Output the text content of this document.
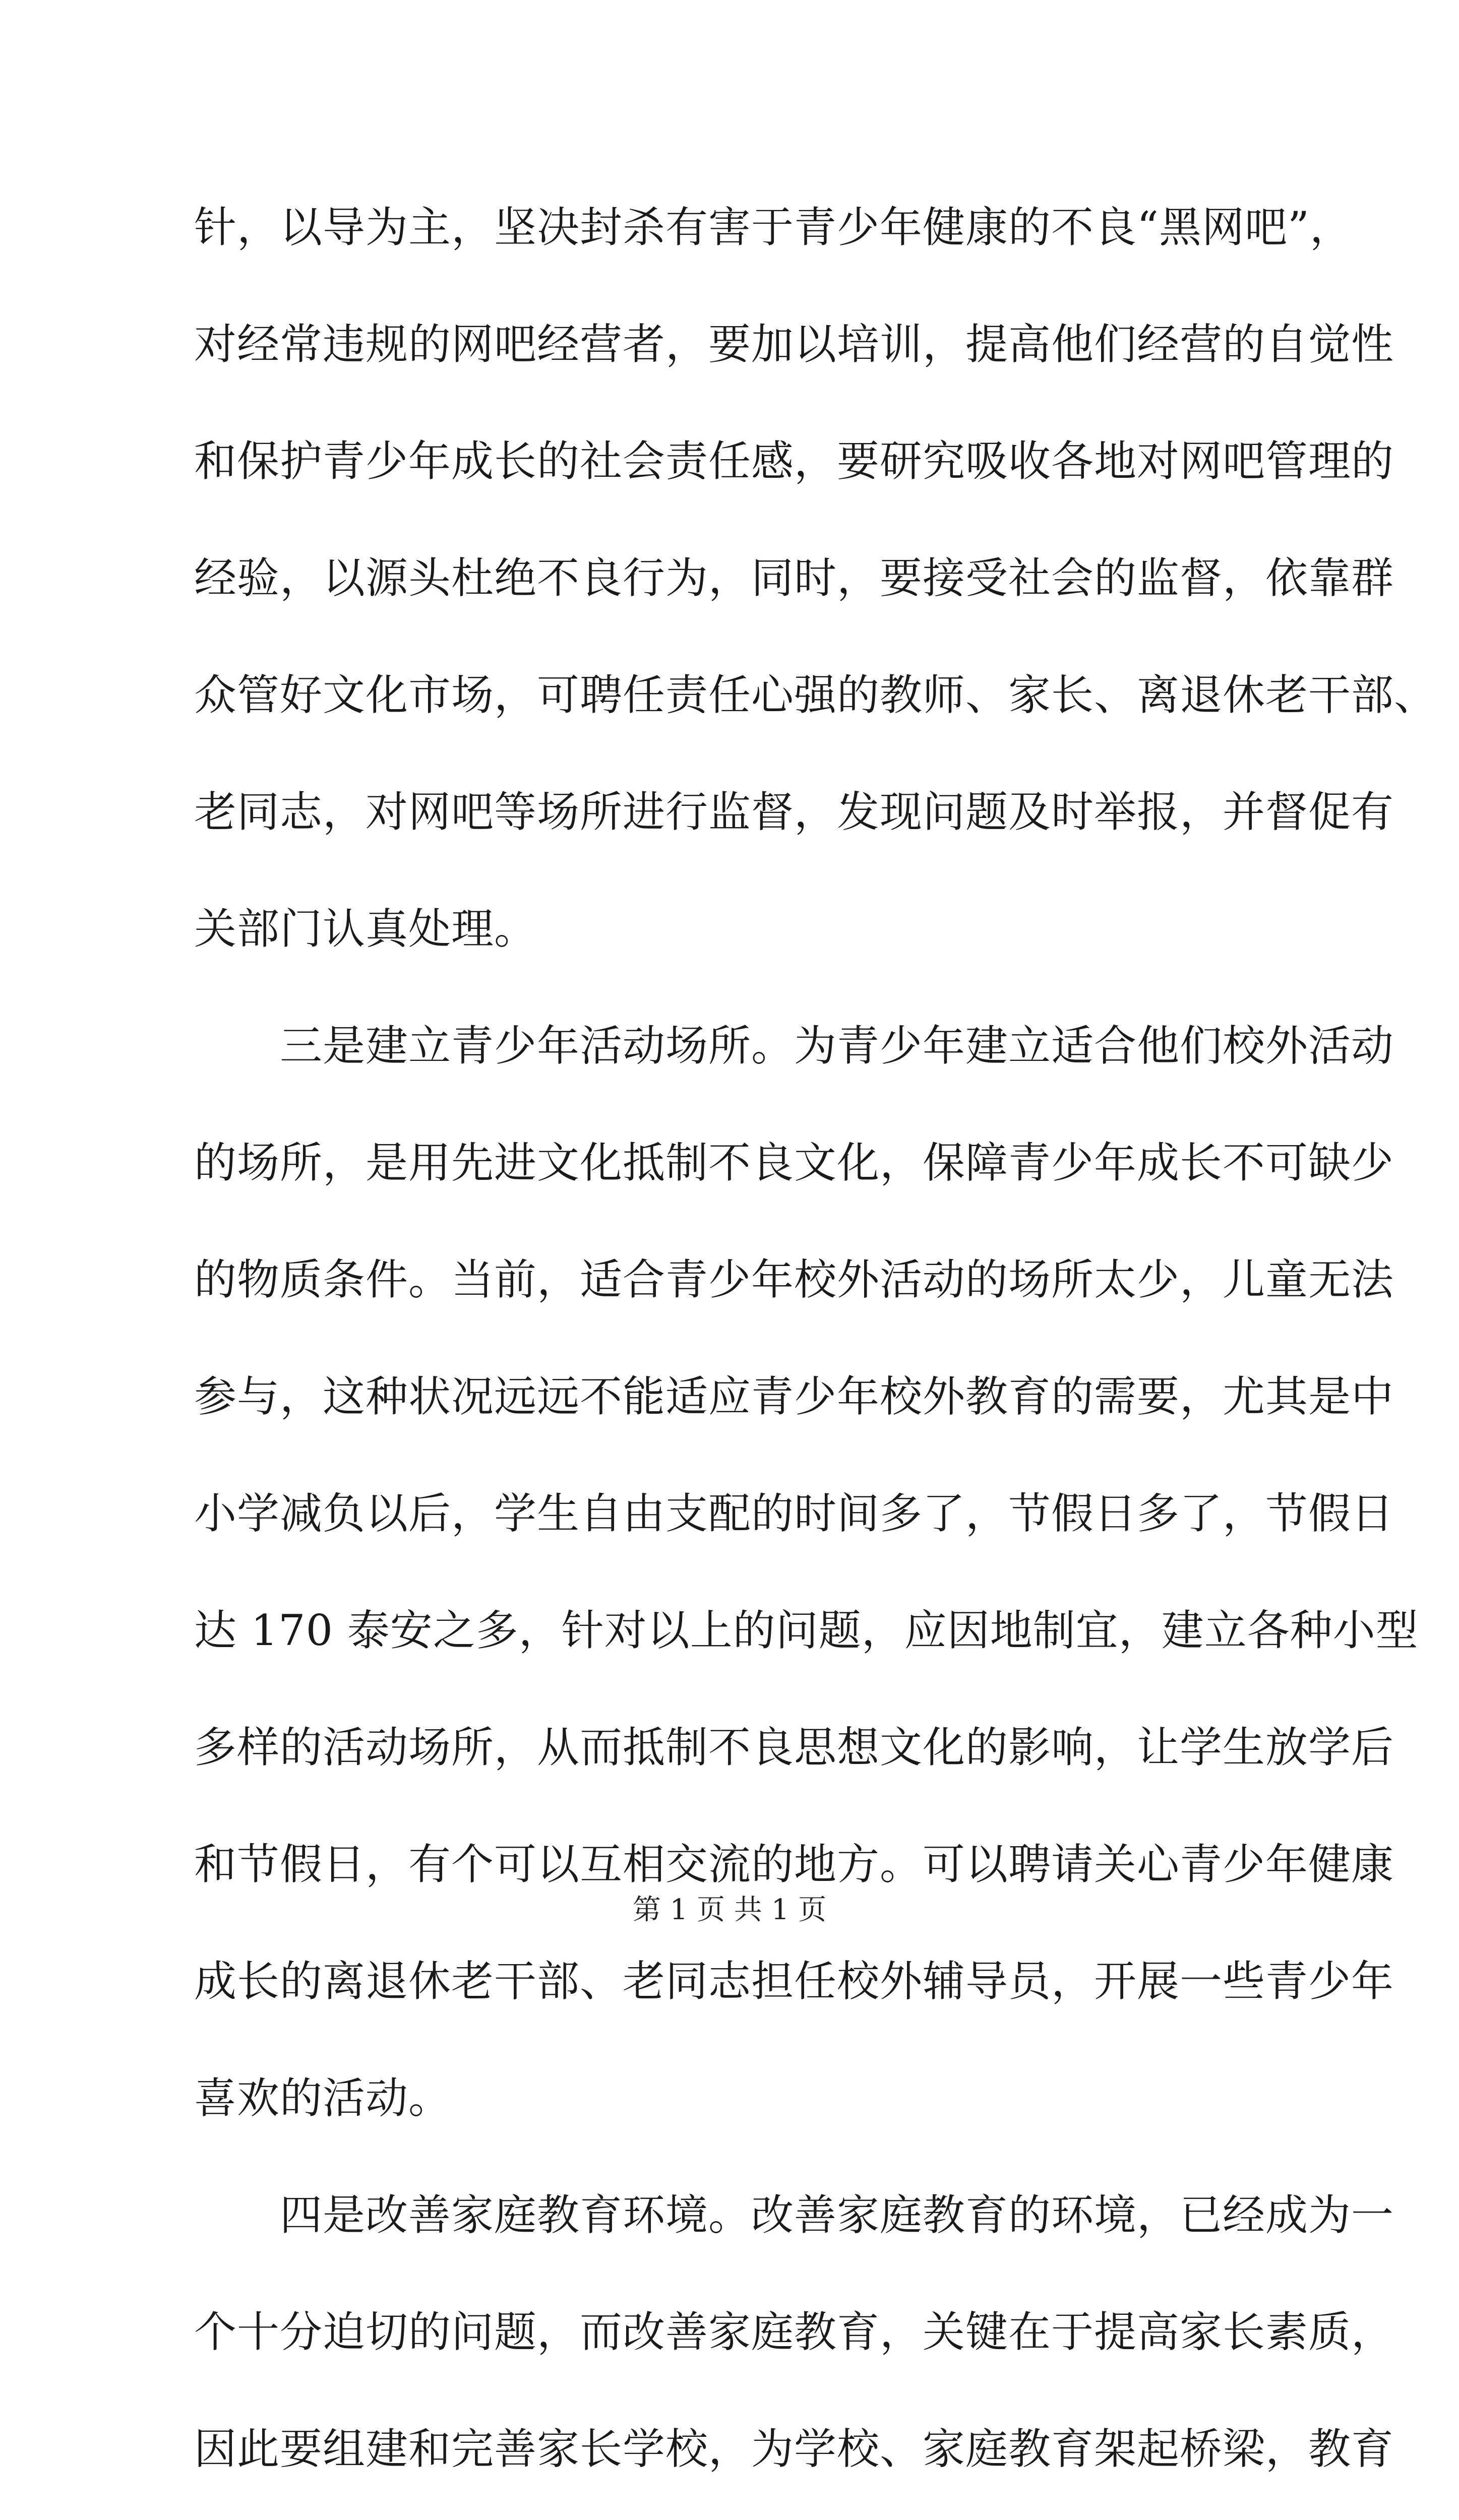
针，以导为主，坚决封杀有害于青少年健康的不良“黑网吧”，
对经常违规的网吧经营者，要加以培训，提高他们经营的自觉性
和保护青少年成长的社会责任感，要研究吸收各地对网吧管理的
经验，以源头杜绝不良行为，同时，要接受社会的监督，依靠群
众管好文化市场，可聘任责任心强的教师、家长、离退休老干部、
老同志，对网吧等场所进行监督，发现问题及时举报，并督促有
关部门认真处理。
　　三是建立青少年活动场所。为青少年建立适合他们校外活动
的场所，是用先进文化抵制不良文化，保障青少年成长不可缺少
的物质条件。当前，适合青少年校外活动的场所太少，儿童无法
参与，这种状况远远不能适应青少年校外教育的需要，尤其是中
小学减负以后，学生自由支配的时间多了，节假日多了，节假日
达 170 泰安之多，针对以上的问题，应因地制宜，建立各种小型
多样的活动场所，从而抵制不良思想文化的影响，让学生放学后
和节假日，有个可以互相交流的地方。可以聘请关心青少年健康
成长的离退休老干部、老同志担任校外辅导员，开展一些青少年
喜欢的活动。
　　四是改善家庭教育环境。改善家庭教育的环境，已经成为一
个十分迫切的问题，而改善家庭教育，关键在于提高家长素质，
因此要组建和完善家长学校，为学校、家庭教育架起桥梁，教育
第 1 页 共 1 页
